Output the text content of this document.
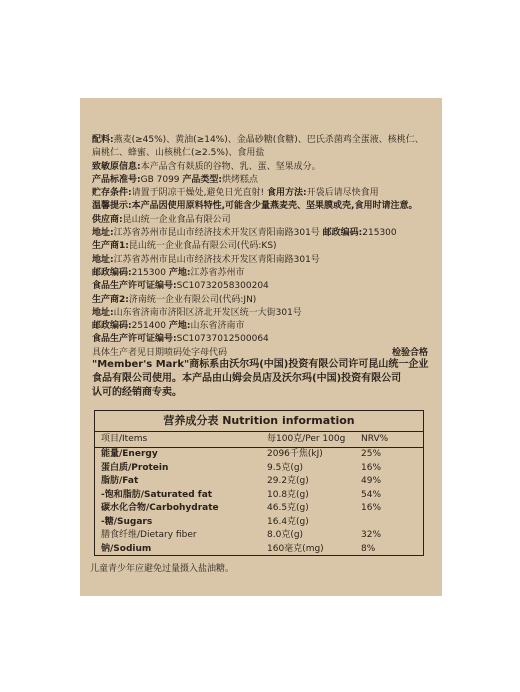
配料:燕麦(≥45%)、黄油(≥14%)、金晶砂糖(食糖)、巴氏杀菌鸡全蛋液、核桃仁、
扁桃仁、蜂蜜、山核桃仁(≥2.5%)、食用盐
致敏原信息:本产品含有麸质的谷物、乳、蛋、坚果成分。
产品标准号:GB 7099 产品类型:烘烤糕点
贮存条件:请置于阴凉干燥处,避免日光直射! 食用方法:开袋后请尽快食用
温馨提示:本产品因使用原料特性,可能含少量燕麦壳、坚果膜或壳,食用时请注意。
供应商:昆山统一企业食品有限公司
地址:江苏省苏州市昆山市经济技术开发区青阳南路301号 邮政编码:215300
生产商1:昆山统一企业食品有限公司(代码:KS)
地址:江苏省苏州市昆山市经济技术开发区青阳南路301号
邮政编码:215300 产地:江苏省苏州市
食品生产许可证编号:SC10732058300204
生产商2:济南统一企业有限公司(代码:JN)
地址:山东省济南市济阳区济北开发区统一大街301号
邮政编码:251400 产地:山东省济南市
食品生产许可证编号:SC10737012500064
具体生产者见日期喷码处字母代码	检验合格
"Member's Mark"商标系由沃尔玛(中国)投资有限公司许可昆山统一企业
食品有限公司使用。本产品由山姆会员店及沃尔玛(中国)投资有限公司
认可的经销商专卖。
营养成分表 Nutrition information
项目/Items	每100克/Per 100g NRV%
能量/Energy	2096千焦(kJ)	25%
蛋白质/Protein	9.5克(g)	16%
脂肪/Fat	29.2克(g)	49%
-饱和脂肪/Saturated fat	10.8克(g)	54%
碳水化合物/Carbohydrate	46.5克(g)	16%
-糖/Sugars	16.4克(g)
膳食纤维/Dietary fiber	8.0克(g)	32%
钠/Sodium	160毫克(mg)	8%
儿童青少年应避免过量摄入盐油糖。
